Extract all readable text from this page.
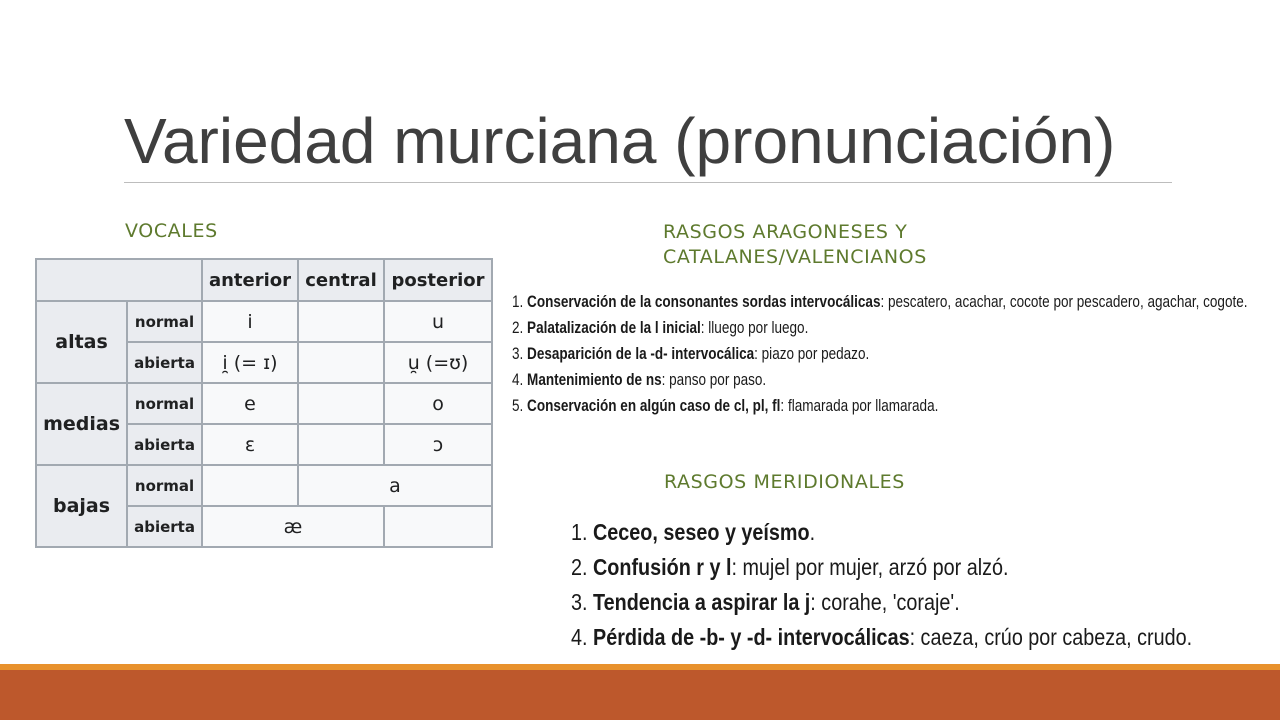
Variedad murciana (pronunciación)
VOCALES	RASGOS ARAGONESES Y
CATALANES/VALENCIANOS
RASGOS MERIDIONALES
		anterior	central	posterior
altas	normal	i		u
	abierta	i̯ (= ɪ)		u̯ (=ʊ)
medias	normal	e		o
	abierta	ɛ		ɔ
bajas	normal		a	
	abierta	æ		
1. Conservación de la consonantes sordas intervocálicas: pescatero, acachar, cocote por pescadero, agachar, cogote.
2. Palatalización de la l inicial: lluego por luego.
3. Desaparición de la -d- intervocálica: piazo por pedazo.
4. Mantenimiento de ns: panso por paso.
5. Conservación en algún caso de cl, pl, fl: flamarada por llamarada.
1. Ceceo, seseo y yeísmo.
2. Confusión r y l: mujel por mujer, arzó por alzó.
3. Tendencia a aspirar la j: corahe, 'coraje'.
4. Pérdida de -b- y -d- intervocálicas: caeza, crúo por cabeza, crudo.
